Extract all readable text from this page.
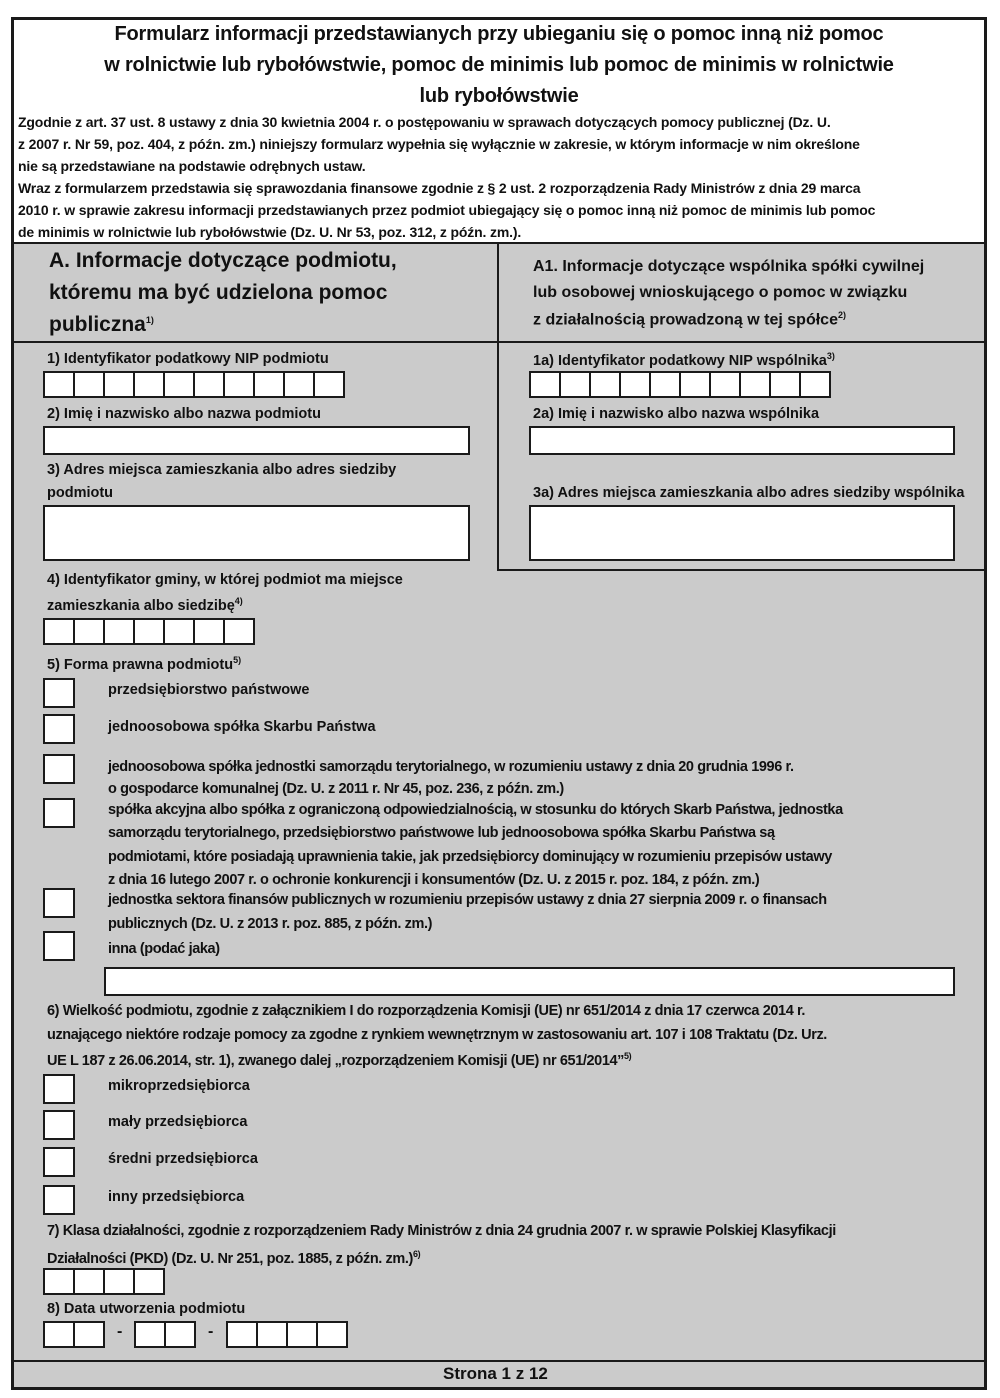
Formularz informacji przedstawianych przy ubieganiu się o pomoc inną niż pomoc
w rolnictwie lub rybołówstwie, pomoc de minimis lub pomoc de minimis w rolnictwie
lub rybołówstwie
Zgodnie z art. 37 ust. 8 ustawy z dnia 30 kwietnia 2004 r. o postępowaniu w sprawach dotyczących pomocy publicznej (Dz. U.
z 2007 r. Nr 59, poz. 404, z późn. zm.) niniejszy formularz wypełnia się wyłącznie w zakresie, w którym informacje w nim określone
nie są przedstawiane na podstawie odrębnych ustaw.
Wraz z formularzem przedstawia się sprawozdania finansowe zgodnie z § 2 ust. 2 rozporządzenia Rady Ministrów z dnia 29 marca
2010 r. w sprawie zakresu informacji przedstawianych przez podmiot ubiegający się o pomoc inną niż pomoc de minimis lub pomoc
de minimis w rolnictwie lub rybołówstwie (Dz. U. Nr 53, poz. 312, z późn. zm.).
A. Informacje dotyczące podmiotu,
któremu ma być udzielona pomoc
publiczna$^{1)}$
A1. Informacje dotyczące wspólnika spółki cywilnej
lub osobowej wnioskującego o pomoc w związku
z działalnością prowadzoną w tej spółce$^{2)}$
1) Identyfikator podatkowy NIP podmiotu	1a) Identyfikator podatkowy NIP wspólnika$^{3)}$
2) Imię i nazwisko albo nazwa podmiotu	2a) Imię i nazwisko albo nazwa wspólnika
3) Adres miejsca zamieszkania albo adres siedziby
podmiotu	3a) Adres miejsca zamieszkania albo adres siedziby wspólnika
4) Identyfikator gminy, w której podmiot ma miejsce
zamieszkania albo siedzibę$^{4)}$
5) Forma prawna podmiotu$^{5)}$
przedsiębiorstwo państwowe
jednoosobowa spółka Skarbu Państwa
jednoosobowa spółka jednostki samorządu terytorialnego, w rozumieniu ustawy z dnia 20 grudnia 1996 r.
o gospodarce komunalnej (Dz. U. z 2011 r. Nr 45, poz. 236, z późn. zm.)
spółka akcyjna albo spółka z ograniczoną odpowiedzialnością, w stosunku do których Skarb Państwa, jednostka
samorządu terytorialnego, przedsiębiorstwo państwowe lub jednoosobowa spółka Skarbu Państwa są
podmiotami, które posiadają uprawnienia takie, jak przedsiębiorcy dominujący w rozumieniu przepisów ustawy
z dnia 16 lutego 2007 r. o ochronie konkurencji i konsumentów (Dz. U. z 2015 r. poz. 184, z późn. zm.)
jednostka sektora finansów publicznych w rozumieniu przepisów ustawy z dnia 27 sierpnia 2009 r. o finansach
publicznych (Dz. U. z 2013 r. poz. 885, z późn. zm.)
inna (podać jaka)
6) Wielkość podmiotu, zgodnie z załącznikiem I do rozporządzenia Komisji (UE) nr 651/2014 z dnia 17 czerwca 2014 r.
uznającego niektóre rodzaje pomocy za zgodne z rynkiem wewnętrznym w zastosowaniu art. 107 i 108 Traktatu (Dz. Urz.
UE L 187 z 26.06.2014, str. 1), zwanego dalej „rozporządzeniem Komisji (UE) nr 651/2014”$^{5)}$
mikroprzedsiębiorca
mały przedsiębiorca
średni przedsiębiorca
inny przedsiębiorca
7) Klasa działalności, zgodnie z rozporządzeniem Rady Ministrów z dnia 24 grudnia 2007 r. w sprawie Polskiej Klasyfikacji
Działalności (PKD) (Dz. U. Nr 251, poz. 1885, z późn. zm.)$^{6)}$
8) Data utworzenia podmiotu
-	-
Strona 1 z 12
